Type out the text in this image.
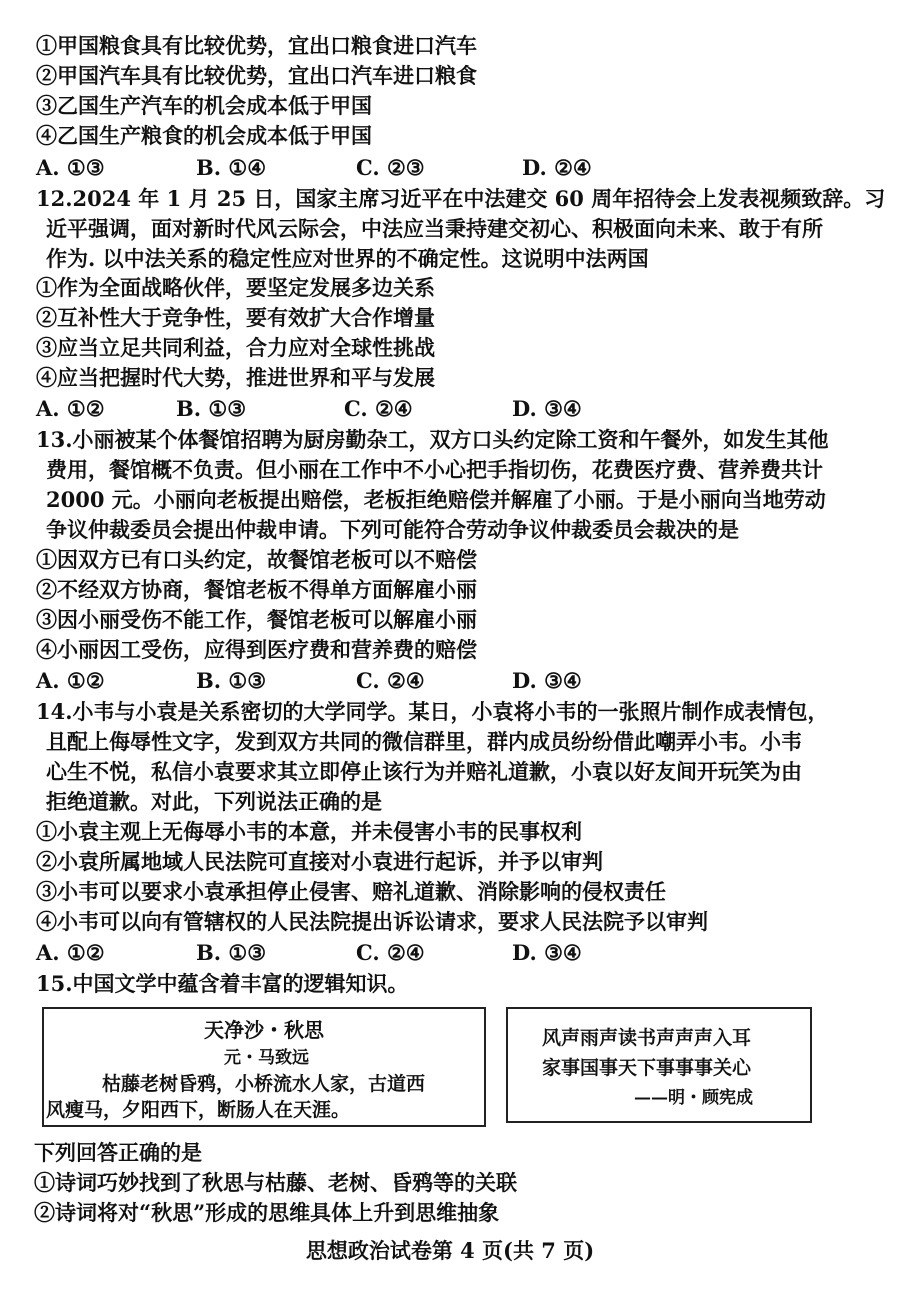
①甲国粮食具有比较优势，宜出口粮食进口汽车
②甲国汽车具有比较优势，宜出口汽车进口粮食
③乙国生产汽车的机会成本低于甲国
④乙国生产粮食的机会成本低于甲国
A. ①③	B. ①④	C. ②③	D. ②④
12.2024 年 1 月 25 日，国家主席习近平在中法建交 60 周年招待会上发表视频致辞。习
近平强调，面对新时代风云际会，中法应当秉持建交初心、积极面向未来、敢于有所
作为. 以中法关系的稳定性应对世界的不确定性。这说明中法两国
①作为全面战略伙伴，要坚定发展多边关系
②互补性大于竞争性，要有效扩大合作增量
③应当立足共同利益，合力应对全球性挑战
④应当把握时代大势，推进世界和平与发展
A. ①②	B. ①③	C. ②④	D. ③④
13.小丽被某个体餐馆招聘为厨房勤杂工，双方口头约定除工资和午餐外，如发生其他
费用，餐馆概不负责。但小丽在工作中不小心把手指切伤，花费医疗费、营养费共计
2000 元。小丽向老板提出赔偿，老板拒绝赔偿并解雇了小丽。于是小丽向当地劳动
争议仲裁委员会提出仲裁申请。下列可能符合劳动争议仲裁委员会裁决的是
①因双方已有口头约定，故餐馆老板可以不赔偿
②不经双方协商，餐馆老板不得单方面解雇小丽
③因小丽受伤不能工作，餐馆老板可以解雇小丽
④小丽因工受伤，应得到医疗费和营养费的赔偿
A. ①②	B. ①③	C. ②④	D. ③④
14.小韦与小袁是关系密切的大学同学。某日，小袁将小韦的一张照片制作成表情包，
且配上侮辱性文字，发到双方共同的微信群里，群内成员纷纷借此嘲弄小韦。小韦
心生不悦，私信小袁要求其立即停止该行为并赔礼道歉，小袁以好友间开玩笑为由
拒绝道歉。对此，下列说法正确的是
①小袁主观上无侮辱小韦的本意，并未侵害小韦的民事权利
②小袁所属地域人民法院可直接对小袁进行起诉，并予以审判
③小韦可以要求小袁承担停止侵害、赔礼道歉、消除影响的侵权责任
④小韦可以向有管辖权的人民法院提出诉讼请求，要求人民法院予以审判
A. ①②	B. ①③	C. ②④	D. ③④
15.中国文学中蕴含着丰富的逻辑知识。
天净沙・秋思
元・马致远
枯藤老树昏鸦，小桥流水人家，古道西
风瘦马，夕阳西下，断肠人在天涯。
风声雨声读书声声声入耳
家事国事天下事事事关心
——明・顾宪成
下列回答正确的是
①诗词巧妙找到了秋思与枯藤、老树、昏鸦等的关联
②诗词将对“秋思”形成的思维具体上升到思维抽象
思想政治试卷第 4 页(共 7 页)
